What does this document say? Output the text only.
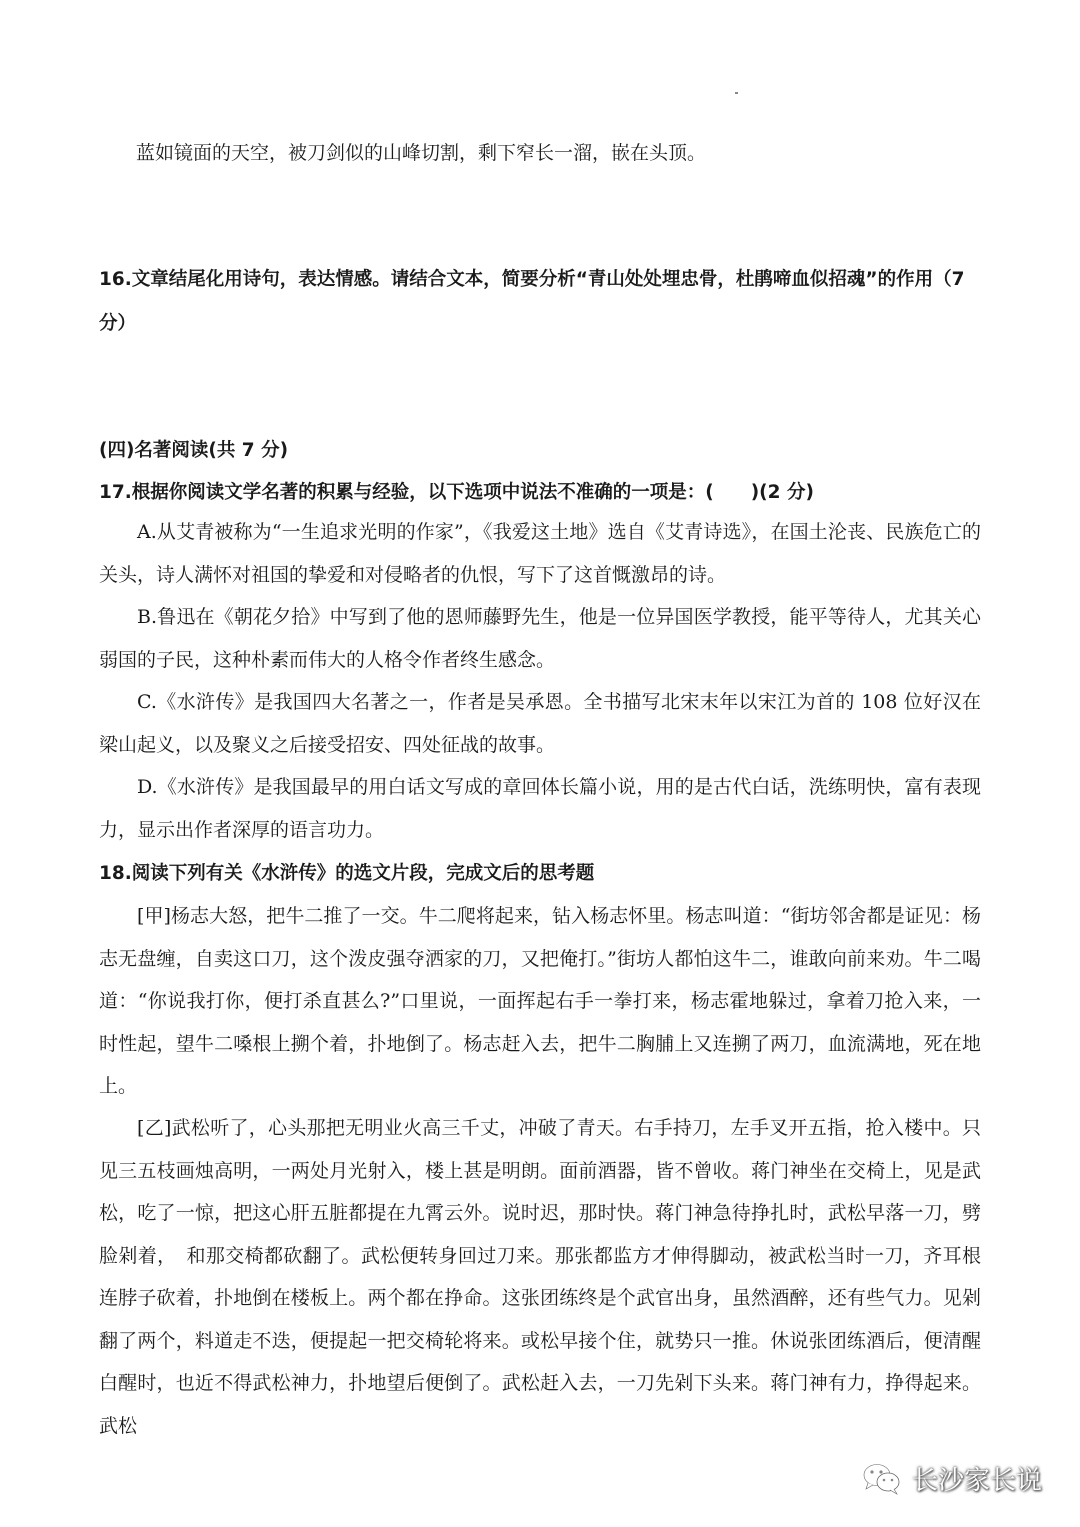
蓝如镜面的天空，被刀剑似的山峰切割，剩下窄长一溜，嵌在头顶。
16.文章结尾化用诗句，表达情感。请结合文本，简要分析“青山处处埋忠骨，杜鹃啼血似招魂”的作用（7
分）
(四)名著阅读(共 7 分)
17.根据你阅读文学名著的积累与经验，以下选项中说法不准确的一项是：(　　)(2 分)
A.从艾青被称为“一生追求光明的作家”，《我爱这土地》选自《艾青诗选》，在国土沦丧、民族危亡的关头，诗人满怀对祖国的挚爱和对侵略者的仇恨，写下了这首慨激昂的诗。
B.鲁迅在《朝花夕拾》中写到了他的恩师藤野先生，他是一位异国医学教授，能平等待人，尤其关心弱国的子民，这种朴素而伟大的人格令作者终生感念。
C.《水浒传》是我国四大名著之一，作者是吴承恩。全书描写北宋末年以宋江为首的 108 位好汉在梁山起义，以及聚义之后接受招安、四处征战的故事。
D.《水浒传》是我国最早的用白话文写成的章回体长篇小说，用的是古代白话，洗练明快，富有表现力，显示出作者深厚的语言功力。
18.阅读下列有关《水浒传》的选文片段，完成文后的思考题
[甲]杨志大怒，把牛二推了一交。牛二爬将起来，钻入杨志怀里。杨志叫道：“街坊邻舍都是证见：杨志无盘缠，自卖这口刀，这个泼皮强夺洒家的刀，又把俺打。”街坊人都怕这牛二，谁敢向前来劝。牛二喝道：“你说我打你，便打杀直甚么?”口里说，一面挥起右手一拳打来，杨志霍地躲过，拿着刀抢入来，一时性起，望牛二嗓根上搠个着，扑地倒了。杨志赶入去，把牛二胸脯上又连搠了两刀，血流满地，死在地上。
[乙]武松听了，心头那把无明业火高三千丈，冲破了青天。右手持刀，左手叉开五指，抢入楼中。只见三五枝画烛高明，一两处月光射入，楼上甚是明朗。面前酒器，皆不曾收。蒋门神坐在交椅上，见是武松，吃了一惊，把这心肝五脏都提在九霄云外。说时迟，那时快。蒋门神急待挣扎时，武松早落一刀，劈脸剁着，　和那交椅都砍翻了。武松便转身回过刀来。那张都监方才伸得脚动，被武松当时一刀，齐耳根连脖子砍着，扑地倒在楼板上。两个都在挣命。这张团练终是个武官出身，虽然酒醉，还有些气力。见剁翻了两个，料道走不迭，便提起一把交椅轮将来。或松早接个住，就势只一推。休说张团练酒后，便清醒白醒时，也近不得武松神力，扑地望后便倒了。武松赶入去，一刀先剁下头来。蒋门神有力，挣得起来。武松
长沙家长说
